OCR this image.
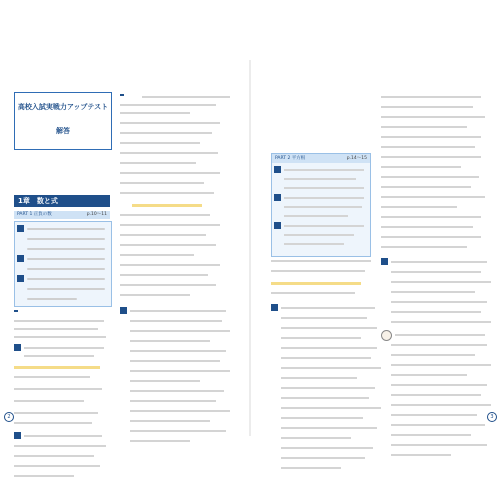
高校入試実戦力アップテスト
解答
1章　数と式
PART 1 正負の数	p.10〜11
2
PART 2 平方根	p.14〜15
3
